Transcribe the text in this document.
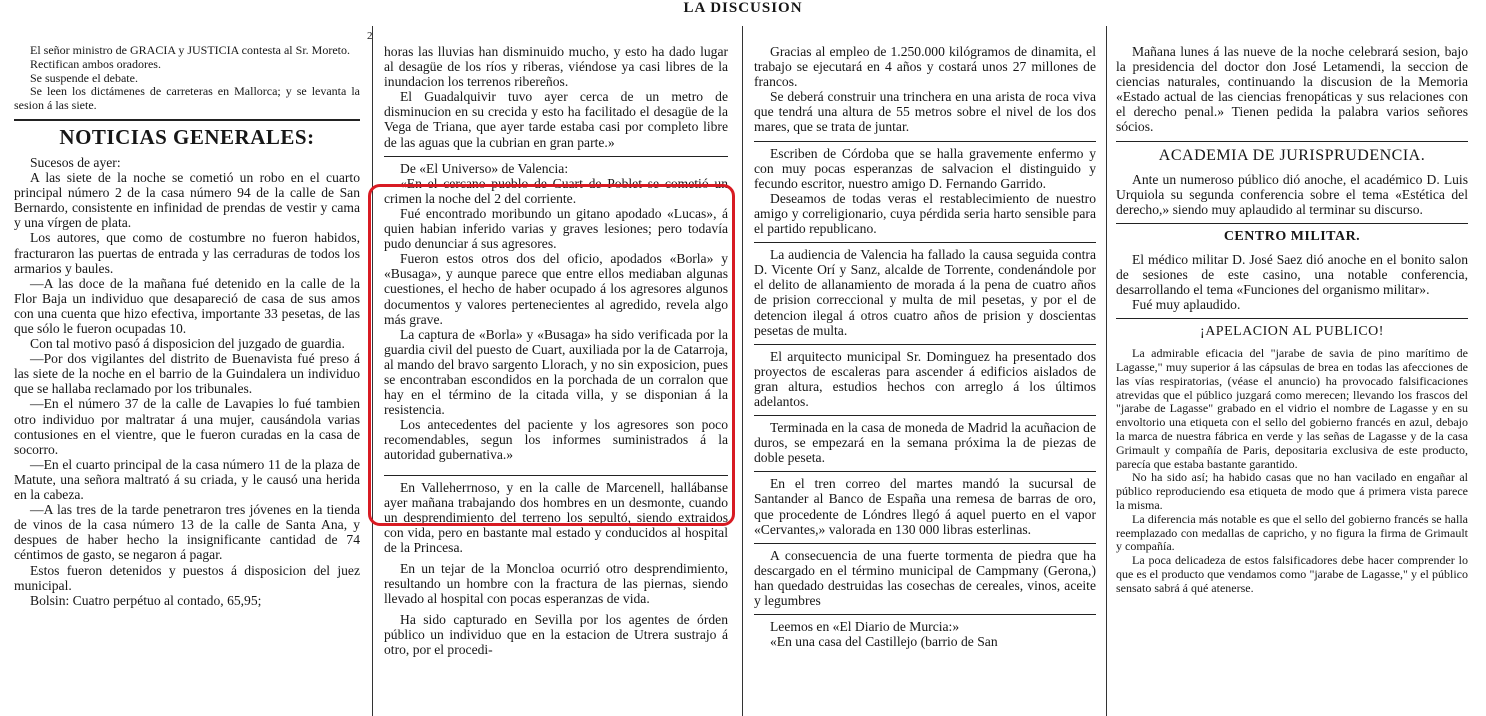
LA DISCUSION
2

El señor ministro de GRACIA y JUSTICIA contesta al Sr. Moreto.

Rectifican ambos oradores.

Se suspende el debate.

Se leen los dictámenes de carreteras en Mallorca; y se levanta la sesion á las siete.

NOTICIAS GENERALES:

Sucesos de ayer:

A las siete de la noche se cometió un robo en el cuarto principal número 2 de la casa número 94 de la calle de San Bernardo, consistente en infinidad de prendas de vestir y cama y una vírgen de plata.

Los autores, que como de costumbre no fueron habidos, fracturaron las puertas de entrada y las cerraduras de todos los armarios y baules.

—A las doce de la mañana fué detenido en la calle de la Flor Baja un individuo que desapareció de casa de sus amos con una cuenta que hizo efectiva, importante 33 pesetas, de las que sólo le fueron ocupadas 10.

Con tal motivo pasó á disposicion del juzgado de guardia.

—Por dos vigilantes del distrito de Buenavista fué preso á las siete de la noche en el barrio de la Guindalera un individuo que se hallaba reclamado por los tribunales.

—En el número 37 de la calle de Lavapies lo fué tambien otro individuo por maltratar á una mujer, causándola varias contusiones en el vientre, que le fueron curadas en la casa de socorro.

—En el cuarto principal de la casa número 11 de la plaza de Matute, una señora maltrató á su criada, y le causó una herida en la cabeza.

—A las tres de la tarde penetraron tres jóvenes en la tienda de vinos de la casa número 13 de la calle de Santa Ana, y despues de haber hecho la insignificante cantidad de 74 céntimos de gasto, se negaron á pagar.

Estos fueron detenidos y puestos á disposicion del juez municipal.

Bolsin: Cuatro perpétuo al contado, 65,95;

horas las lluvias han disminuido mucho, y esto ha dado lugar al desagüe de los ríos y riberas, viéndose ya casi libres de la inundacion los terrenos ribereños.

El Guadalquivir tuvo ayer cerca de un metro de disminucion en su crecida y esto ha facilitado el desagüe de la Vega de Triana, que ayer tarde estaba casi por completo libre de las aguas que la cubrian en gran parte.»

De «El Universo» de Valencia:

«En el cercano pueblo de Cuart de Poblet se cometió un crimen la noche del 2 del corriente.

Fué encontrado moribundo un gitano apodado «Lucas», á quien habian inferido varias y graves lesiones; pero todavía pudo denunciar á sus agresores.

Fueron estos otros dos del oficio, apodados «Borla» y «Busaga», y aunque parece que entre ellos mediaban algunas cuestiones, el hecho de haber ocupado á los agresores algunos documentos y valores pertenecientes al agredido, revela algo más grave.

La captura de «Borla» y «Busaga» ha sido verificada por la guardia civil del puesto de Cuart, auxiliada por la de Catarroja, al mando del bravo sargento Llorach, y no sin exposicion, pues se encontraban escondidos en la porchada de un corralon que hay en el término de la citada villa, y se disponian á la resistencia.

Los antecedentes del paciente y los agresores son poco recomendables, segun los informes suministrados á la autoridad gubernativa.»

En Valleherrnoso, y en la calle de Marcenell, hallábanse ayer mañana trabajando dos hombres en un desmonte, cuando un desprendimiento del terreno los sepultó, siendo extraidos con vida, pero en bastante mal estado y conducidos al hospital de la Princesa.

En un tejar de la Moncloa ocurrió otro desprendimiento, resultando un hombre con la fractura de las piernas, siendo llevado al hospital con pocas esperanzas de vida.

Ha sido capturado en Sevilla por los agentes de órden público un individuo que en la estacion de Utrera sustrajo á otro, por el procedi-

Gracias al empleo de 1.250.000 kilógramos de dinamita, el trabajo se ejecutará en 4 años y costará unos 27 millones de francos.

Se deberá construir una trinchera en una arista de roca viva que tendrá una altura de 55 metros sobre el nivel de los dos mares, que se trata de juntar.

Escriben de Córdoba que se halla gravemente enfermo y con muy pocas esperanzas de salvacion el distinguido y fecundo escritor, nuestro amigo D. Fernando Garrido.

Deseamos de todas veras el restablecimiento de nuestro amigo y correligionario, cuya pérdida seria harto sensible para el partido republicano.

La audiencia de Valencia ha fallado la causa seguida contra D. Vicente Orí y Sanz, alcalde de Torrente, condenándole por el delito de allanamiento de morada á la pena de cuatro años de prision correccional y multa de mil pesetas, y por el de detencion ilegal á otros cuatro años de prision y doscientas pesetas de multa.

El arquitecto municipal Sr. Dominguez ha presentado dos proyectos de escaleras para ascender á edificios aislados de gran altura, estudios hechos con arreglo á los últimos adelantos.

Terminada en la casa de moneda de Madrid la acuñacion de duros, se empezará en la semana próxima la de piezas de doble peseta.

En el tren correo del martes mandó la sucursal de Santander al Banco de España una remesa de barras de oro, que procedente de Lóndres llegó á aquel puerto en el vapor «Cervantes,» valorada en 130 000 libras esterlinas.

A consecuencia de una fuerte tormenta de piedra que ha descargado en el término municipal de Campmany (Gerona,) han quedado destruidas las cosechas de cereales, vinos, aceite y legumbres

Leemos en «El Diario de Murcia:»

«En una casa del Castillejo (barrio de San

Mañana lunes á las nueve de la noche celebrará sesion, bajo la presidencia del doctor don José Letamendi, la seccion de ciencias naturales, continuando la discusion de la Memoria «Estado actual de las ciencias frenopáticas y sus relaciones con el derecho penal.» Tienen pedida la palabra varios señores sócios.

ACADEMIA DE JURISPRUDENCIA.

Ante un numeroso público dió anoche, el académico D. Luis Urquiola su segunda conferencia sobre el tema «Estética del derecho,» siendo muy aplaudido al terminar su discurso.

CENTRO MILITAR.

El médico militar D. José Saez dió anoche en el bonito salon de sesiones de este casino, una notable conferencia, desarrollando el tema «Funciones del organismo militar».

Fué muy aplaudido.

¡APELACION AL PUBLICO!

La admirable eficacia del "jarabe de savia de pino marítimo de Lagasse," muy superior á las cápsulas de brea en todas las afecciones de las vías respiratorias, (véase el anuncio) ha provocado falsificaciones atrevidas que el público juzgará como merecen; llevando los frascos del "jarabe de Lagasse" grabado en el vidrio el nombre de Lagasse y en su envoltorio una etiqueta con el sello del gobierno francés en azul, debajo la marca de nuestra fábrica en verde y las señas de Lagasse y de la casa Grimault y compañía de Paris, depositaria exclusiva de este producto, parecía que estaba bastante garantido.

No ha sido así; ha habido casas que no han vacilado en engañar al público reproduciendo esa etiqueta de modo que á primera vista parece la misma.

La diferencia más notable es que el sello del gobierno francés se halla reemplazado con medallas de capricho, y no figura la firma de Grimault y compañía.

La poca delicadeza de estos falsificadores debe hacer comprender lo que es el producto que vendamos como "jarabe de Lagasse," y el público sensato sabrá á qué atenerse.
